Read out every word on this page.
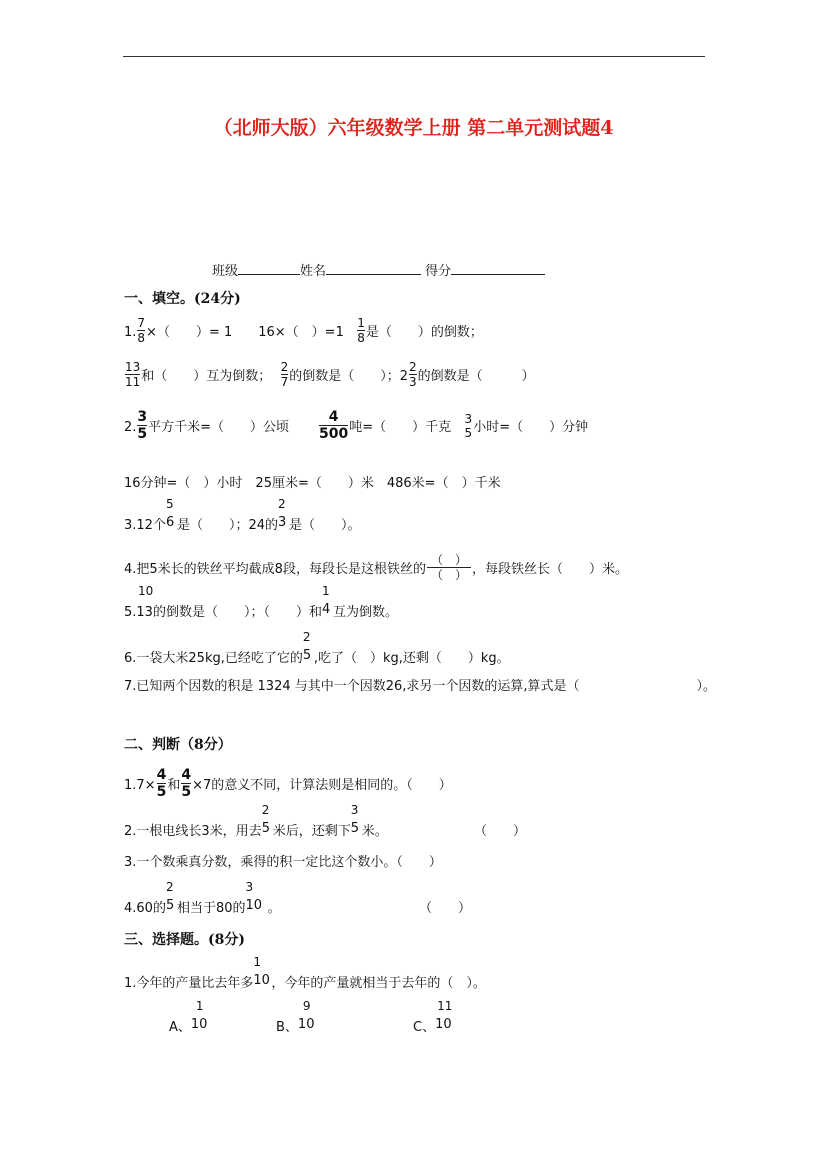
（北师大版）六年级数学上册 第二单元测试题4
班级	姓名	得分
一、填空。(24分)
1. $\frac{7}{8}$ ×（　　）= 1　　16×（　）$=1 \frac{1}{8}$ 是（　　）的倒数；
$\frac{13}{11}$ 和（　　）互为倒数； $\frac{2}{7}$ 的倒数是（　　）；$2 \frac{2}{3}$ 的倒数是（　　　）
2. $\frac{3}{5}$ 平方千米=（　　）公顷 $\frac{4}{500}$ 吨=（　　）千克
3
5 小时=（　　）分钟
16分钟=（　）小时　25厘米=（　　）米　486米=（　）千米
3.12个
5
6 是（　　）；24的
2
3 是（　　）。
4.把5米长的铁丝平均截成8段，每段长是这根铁丝的 $\frac{( )}{( )}$ ，每段铁丝长（　　）米。
10
5.13的倒数是（　　）；（　　）和
1
4 互为倒数。
6.一袋大米25kg,已经吃了它的
2
5 ,吃了（　）kg,还剩（　　）kg。
7.已知两个因数的积是 1324 与其中一个因数26,求另一个因数的运算,算式是（　　　　　　　　　）。
二、判断（8分）
$1.7\times \frac{4}{5}$ 和 $\frac{4}{5} \times 7$的意义不同，计算法则是相同的。（　　）
2.一根电线长3米，用去
2
5 米后，还剩下
3
5 米。	（　　）
3.一个数乘真分数，乘得的积一定比这个数小。（　　）
4.60的
2
5 相当于80的
3
10 。	（　　）
三、选择题。(8分)
1.今年的产量比去年多
1
10 ，今年的产量就相当于去年的（　）。
A、
1
10	B、
9
10	C、
11
10
